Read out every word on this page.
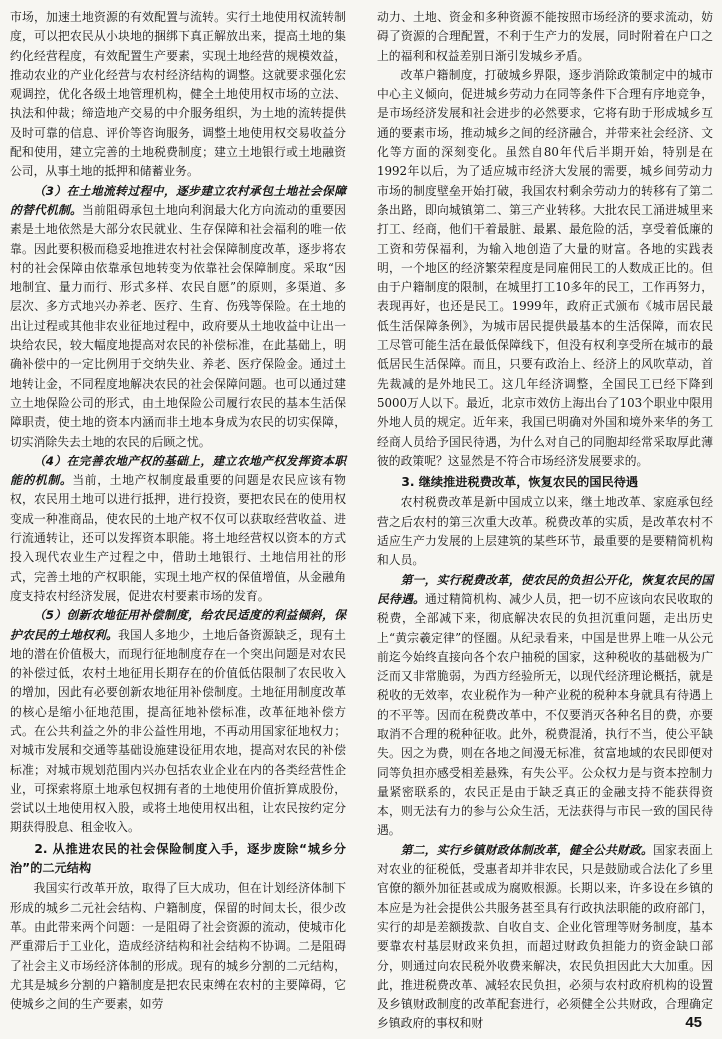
市场，加速土地资源的有效配置与流转。实行土地使用权流转制度，可以把农民从小块地的捆绑下真正解放出来，提高土地的集约化经营程度，有效配置生产要素，实现土地经营的规模效益，推动农业的产业化经营与农村经济结构的调整。这就要求强化宏观调控，优化各级土地管理机构，健全土地使用权市场的立法、执法和仲裁；缔造地产交易的中介服务组织，为土地的流转提供及时可靠的信息、评价等咨询服务，调整土地使用权交易收益分配和使用，建立完善的土地税费制度；建立土地银行或土地融资公司，从事土地的抵押和储蓄业务。

（3）在土地流转过程中，逐步建立农村承包土地社会保障的替代机制。当前阻碍承包土地向利润最大化方向流动的重要因素是土地依然是大部分农民就业、生存保障和社会福利的唯一依靠。因此要积极而稳妥地推进农村社会保障制度改革，逐步将农村的社会保障由依靠承包地转变为依靠社会保障制度。采取“因地制宜、量力而行、形式多样、农民自愿”的原则，多渠道、多层次、多方式地兴办养老、医疗、生育、伤残等保险。在土地的出让过程或其他非农业征地过程中，政府要从土地收益中让出一块给农民，较大幅度地提高对农民的补偿标准，在此基础上，明确补偿中的一定比例用于交纳失业、养老、医疗保险金。通过土地转让金，不同程度地解决农民的社会保障问题。也可以通过建立土地保险公司的形式，由土地保险公司履行农民的基本生活保障职责，使土地的资本内涵而非土地本身成为农民的切实保障，切实消除失去土地的农民的后顾之忧。

（4）在完善农地产权的基础上，建立农地产权发挥资本职能的机制。当前，土地产权制度最重要的问题是农民应该有物权，农民用土地可以进行抵押，进行投资，要把农民在的使用权变成一种准商品，使农民的土地产权不仅可以获取经营收益、进行流通转让，还可以发挥资本职能。将土地经营权以资本的方式投入现代农业生产过程之中，借助土地银行、土地信用社的形式，完善土地的产权职能，实现土地产权的保值增值，从金融角度支持农村经济发展，促进农村要素市场的发育。

（5）创新农地征用补偿制度，给农民适度的利益倾斜，保护农民的土地权利。我国人多地少，土地后备资源缺乏，现有土地的潜在价值极大，而现行征地制度存在一个突出问题是对农民的补偿过低，农村土地征用长期存在的价值低估限制了农民收入的增加，因此有必要创新农地征用补偿制度。土地征用制度改革的核心是缩小征地范围，提高征地补偿标准，改革征地补偿方式。在公共利益之外的非公益性用地，不再动用国家征地权力；对城市发展和交通等基础设施建设征用农地，提高对农民的补偿标准；对城市规划范围内兴办包括农业企业在内的各类经营性企业，可探索将原土地承包权拥有者的土地使用价值折算成股份，尝试以土地使用权入股，或将土地使用权出租，让农民按约定分期获得股息、租金收入。

2. 从推进农民的社会保险制度入手，逐步废除“城乡分治”的二元结构

我国实行改革开放，取得了巨大成功，但在计划经济体制下形成的城乡二元社会结构、户籍制度，保留的时间太长，很少改革。由此带来两个问题：一是阻碍了社会资源的流动，使城市化严重滞后于工业化，造成经济结构和社会结构不协调。二是阻碍了社会主义市场经济体制的形成。现有的城乡分割的二元结构，尤其是城乡分割的户籍制度是把农民束缚在农村的主要障碍，它使城乡之间的生产要素，如劳

动力、土地、资金和多种资源不能按照市场经济的要求流动，妨碍了资源的合理配置，不利于生产力的发展，同时附着在户口之上的福利和权益差别日渐引发城乡矛盾。

改革户籍制度，打破城乡界限，逐步消除政策制定中的城市中心主义倾向，促进城乡劳动力在同等条件下合理有序地竞争，是市场经济发展和社会进步的必然要求，它将有助于形成城乡互通的要素市场，推动城乡之间的经济融合，并带来社会经济、文化等方面的深刻变化。虽然自80年代后半期开始，特别是在1992年以后，为了适应城市经济大发展的需要，城乡间劳动力市场的制度壁垒开始打破，我国农村剩余劳动力的转移有了第二条出路，即向城镇第二、第三产业转移。大批农民工涌进城里来打工、经商，他们干着最脏、最累、最危险的活，享受着低廉的工资和劳保福利，为输入地创造了大量的财富。各地的实践表明，一个地区的经济繁荣程度是同雇佣民工的人数成正比的。但由于户籍制度的限制，在城里打工10多年的民工，工作再努力，表现再好，也还是民工。1999年，政府正式颁布《城市居民最低生活保障条例》，为城市居民提供最基本的生活保障，而农民工尽管可能生活在最低保障线下，但没有权利享受所在城市的最低居民生活保障。而且，只要有政治上、经济上的风吹草动，首先裁减的是外地民工。这几年经济调整，全国民工已经下降到5000万人以下。最近，北京市效仿上海出台了103个职业中限用外地人员的规定。近年来，我国已明确对外国和境外来华的务工经商人员给予国民待遇，为什么对自己的同胞却经常采取厚此薄彼的政策呢？这显然是不符合市场经济发展要求的。

3. 继续推进税费改革，恢复农民的国民待遇

农村税费改革是新中国成立以来，继土地改革、家庭承包经营之后农村的第三次重大改革。税费改革的实质，是改革农村不适应生产力发展的上层建筑的某些环节，最重要的是要精简机构和人员。

第一，实行税费改革，使农民的负担公开化，恢复农民的国民待遇。通过精简机构、减少人员，把一切不应该向农民收取的税费，全部减下来，彻底解决农民的负担沉重问题，走出历史上“黄宗羲定律”的怪圈。从纪录看来，中国是世界上唯一从公元前迄今始终直接向各个农户抽税的国家，这种税收的基础极为广泛而又非常脆弱，为西方经验所无，以现代经济理论概括，就是税收的无效率，农业税作为一种产业税的税种本身就具有待遇上的不平等。因而在税费改革中，不仅要消灭各种名目的费，亦要取消不合理的税种征收。此外，税费混淆，执行不当，使公平缺失。因之为费，则在各地之间漫无标准，贫富地域的农民即便对同等负担亦感受相差悬殊，有失公平。公众权力是与资本控制力量紧密联系的，农民正是由于缺乏真正的金融支持不能获得资本，则无法有力的参与公众生活，无法获得与市民一致的国民待遇。

第二，实行乡镇财政体制改革，健全公共财政。国家表面上对农业的征税低，受惠者却并非农民，只是鼓励或合法化了乡里官僚的额外加征甚或成为腐败根源。长期以来，许多设在乡镇的本应是为社会提供公共服务甚至具有行政执法职能的政府部门，实行的却是差额拨款、自收自支、企业化管理等财务制度，基本要靠农村基层财政来负担，而超过财政负担能力的资金缺口部分，则通过向农民税外收费来解决，农民负担因此大大加重。因此，推进税费改革、减轻农民负担，必须与农村政府机构的设置及乡镇财政制度的改革配套进行，必须健全公共财政，合理确定乡镇政府的事权和财	45
